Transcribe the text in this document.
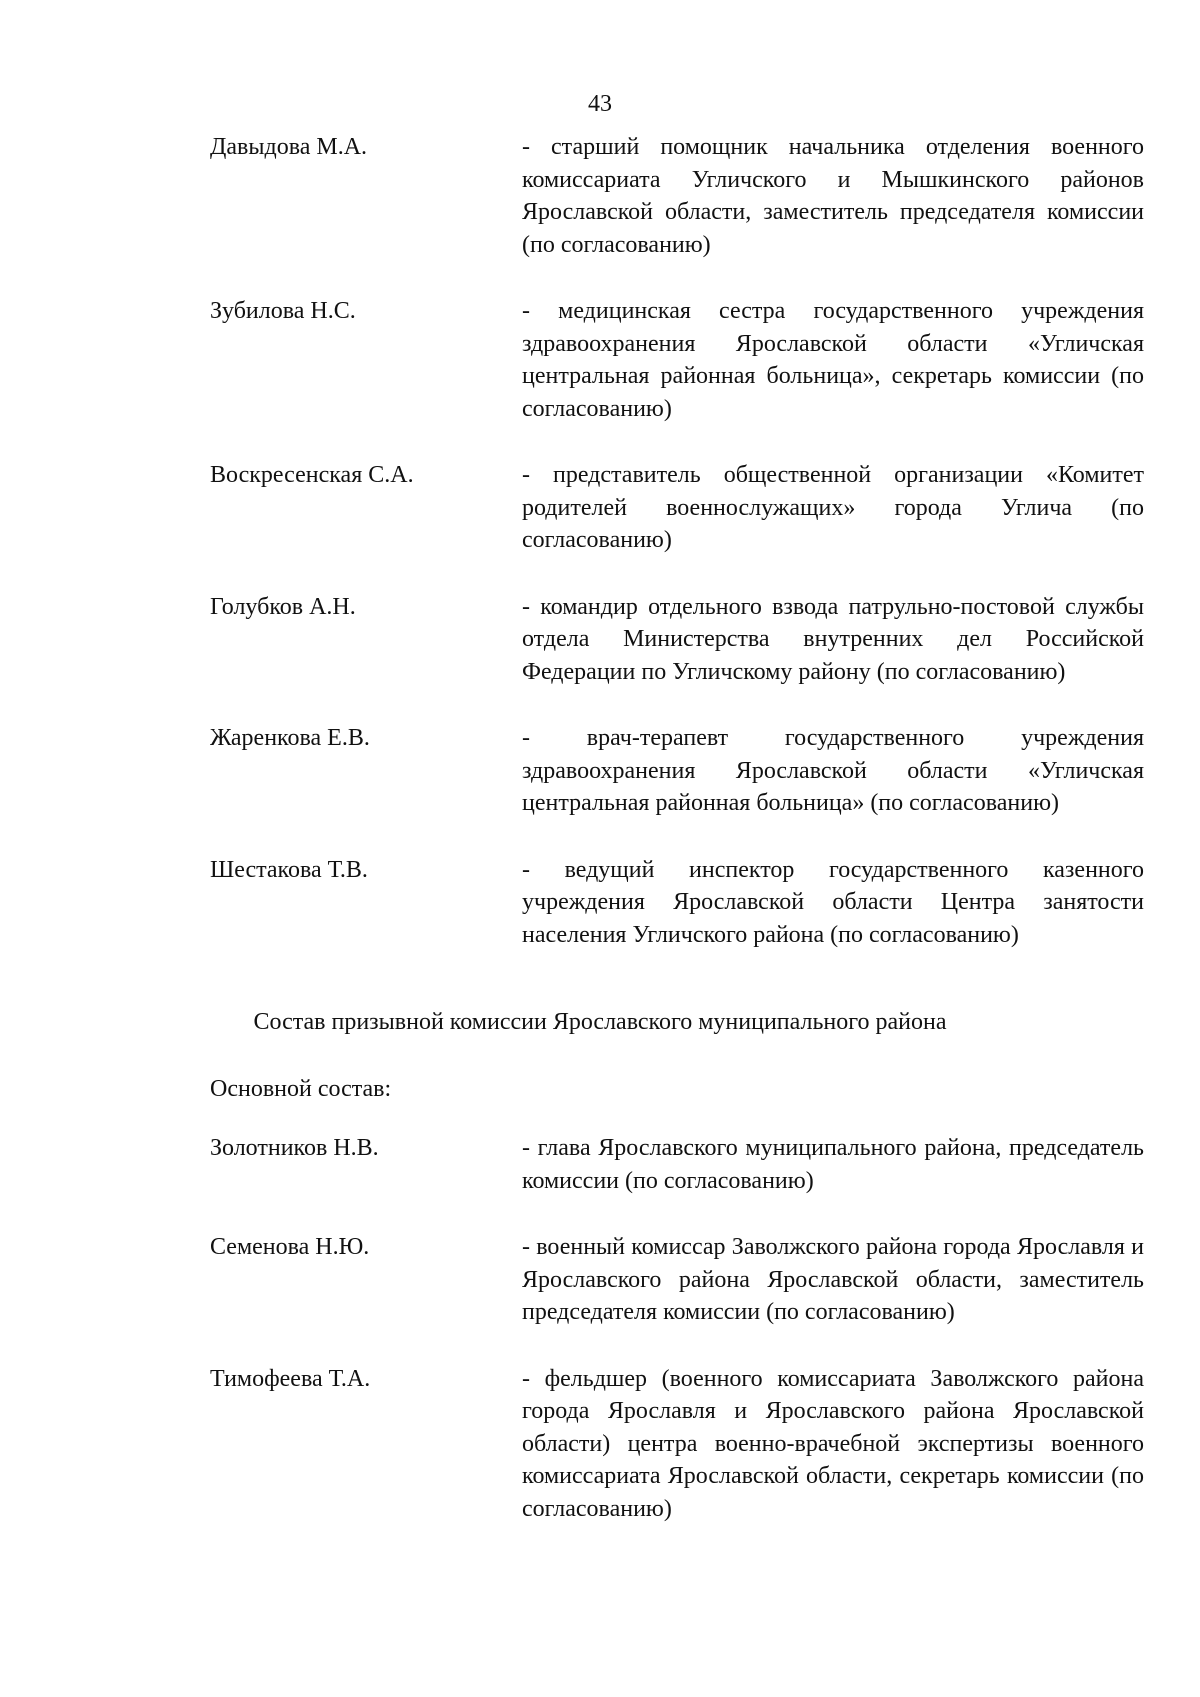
43
Давыдова М.А.	- старший помощник начальника отделения военного комиссариата Угличского и Мышкинского районов Ярославской области, заместитель председателя комиссии (по согласованию)
Зубилова Н.С.	- медицинская сестра государственного учреждения здравоохранения Ярославской области «Угличская центральная районная больница», секретарь комиссии (по согласованию)
Воскресенская С.А.	- представитель общественной организации «Комитет родителей военнослужащих» города Углича (по согласованию)
Голубков А.Н.	- командир отдельного взвода патрульно-постовой службы отдела Министерства внутренних дел Российской Федерации по Угличскому району (по согласованию)
Жаренкова Е.В.	- врач-терапевт государственного учреждения здравоохранения Ярославской области «Угличская центральная районная больница» (по согласованию)
Шестакова Т.В.	- ведущий инспектор государственного казенного учреждения Ярославской области Центра занятости населения Угличского района (по согласованию)
Состав призывной комиссии Ярославского муниципального района
Основной состав:
Золотников Н.В.	- глава Ярославского муниципального района, председатель комиссии (по согласованию)
Семенова Н.Ю.	- военный комиссар Заволжского района города Ярославля и Ярославского района Ярославской области, заместитель председателя комиссии (по согласованию)
Тимофеева Т.А.	- фельдшер (военного комиссариата Заволжского района города Ярославля и Ярославского района Ярославской области) центра военно-врачебной экспертизы военного комиссариата Ярославской области, секретарь комиссии (по согласованию)
